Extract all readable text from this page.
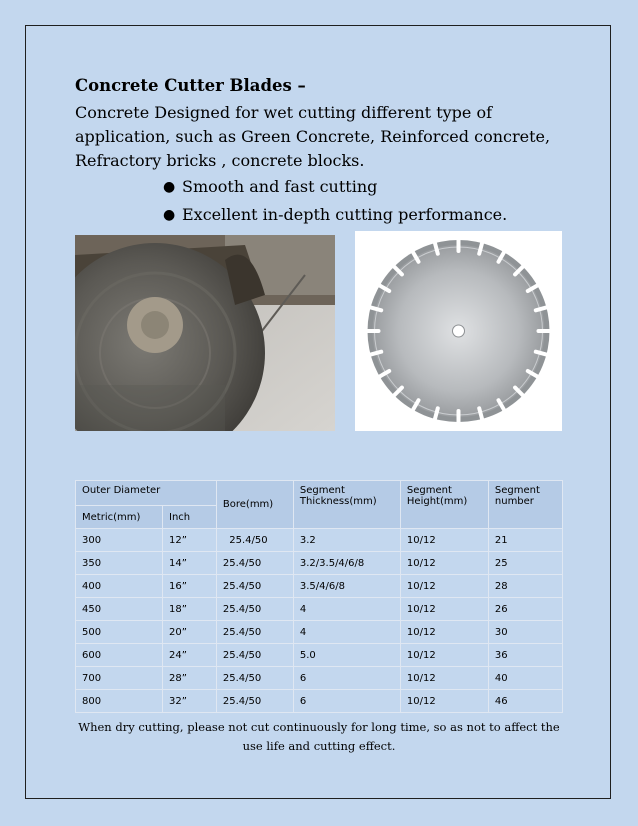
Concrete Cutter Blades –
Concrete Designed for wet cutting different type of application, such as Green Concrete, Reinforced concrete, Refractory bricks , concrete blocks.
● Smooth and fast cutting
● Excellent in-depth cutting performance.
Outer Diameter		Bore(mm)	Segment Thickness(mm)	Segment Height(mm)	Segment number
Metric(mm)	Inch				
300	12”	25.4/50	3.2	10/12	21
350	14”	25.4/50	3.2/3.5/4/6/8	10/12	25
400	16”	25.4/50	3.5/4/6/8	10/12	28
450	18”	25.4/50	4	10/12	26
500	20”	25.4/50	4	10/12	30
600	24”	25.4/50	5.0	10/12	36
700	28”	25.4/50	6	10/12	40
800	32”	25.4/50	6	10/12	46
When dry cutting, please not cut continuously for long time, so as not to affect the use life and cutting effect.
